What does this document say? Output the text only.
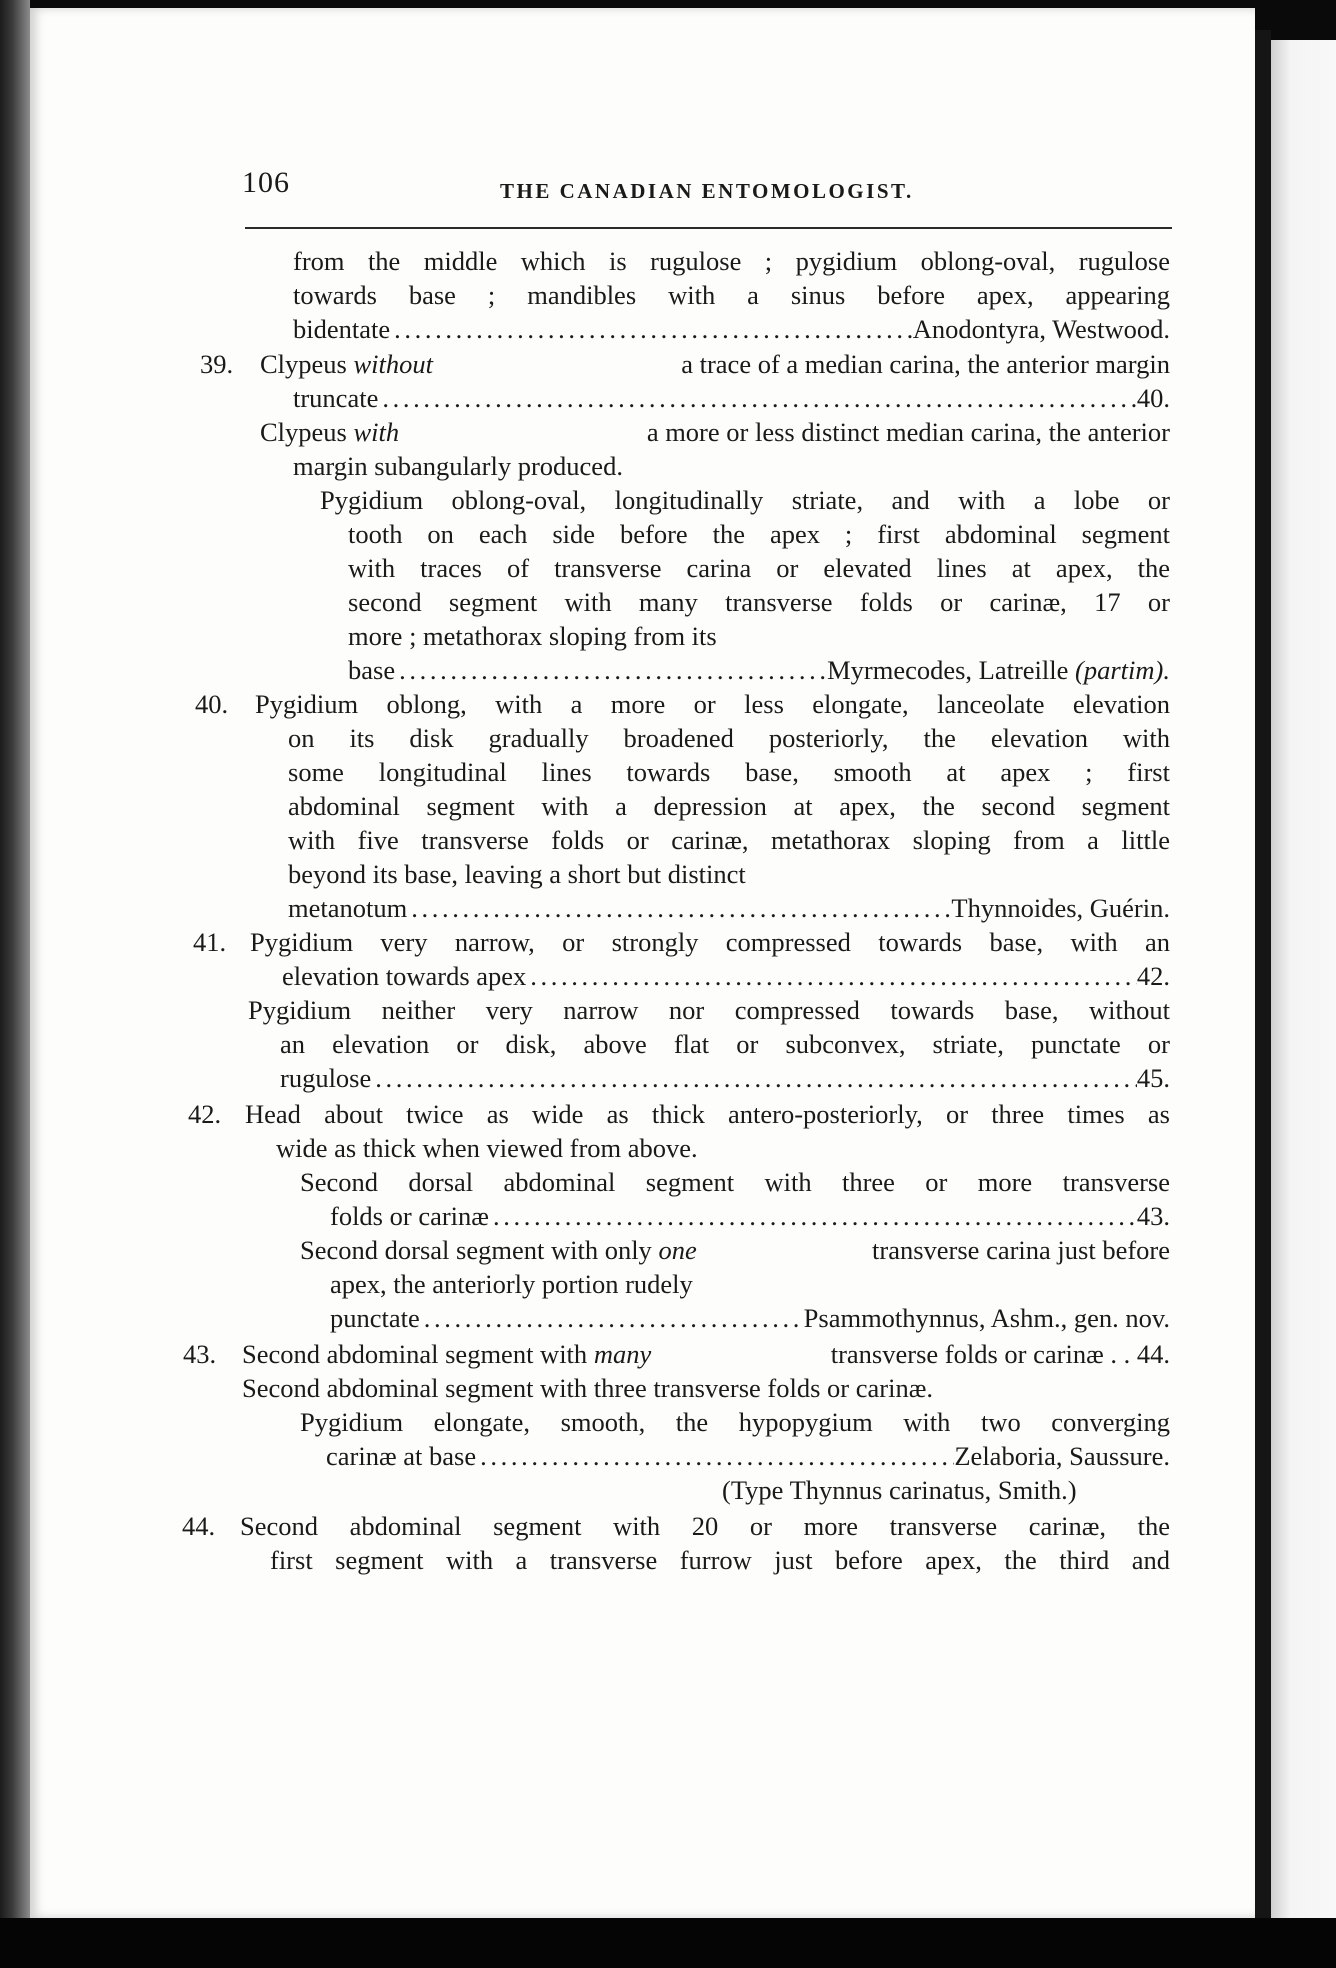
106	THE CANADIAN ENTOMOLOGIST.
from the middle which is rugulose ; pygidium oblong-oval, rugulose
towards base ; mandibles with a sinus before apex, appearing
bidentate . . .	Anodontyra, Westwood.
39. Clypeus without	a trace of a median carina, the anterior margin
truncate . . .	40.
Clypeus with	a more or less distinct median carina, the anterior
margin subangularly produced.
Pygidium oblong-oval, longitudinally striate, and with a lobe or
tooth on each side before the apex ; first abdominal segment
with traces of transverse carina or elevated lines at apex, the
second segment with many transverse folds or carinæ, 17 or
more ; metathorax sloping from its
base . . .	Myrmecodes, Latreille (partim).
40. Pygidium oblong, with a more or less elongate, lanceolate elevation
on its disk gradually broadened posteriorly, the elevation with
some longitudinal lines towards base, smooth at apex ; first
abdominal segment with a depression at apex, the second segment
with five transverse folds or carinæ, metathorax sloping from a little
beyond its base, leaving a short but distinct
metanotum . . .	Thynnoides, Guérin.
41. Pygidium very narrow, or strongly compressed towards base, with an
elevation towards apex . . .	42.
Pygidium neither very narrow nor compressed towards base, without
an elevation or disk, above flat or subconvex, striate, punctate or
rugulose . . .	45.
42. Head about twice as wide as thick antero-posteriorly, or three times as
wide as thick when viewed from above.
Second dorsal abdominal segment with three or more transverse
folds or carinæ . . .	43.
Second dorsal segment with only one	transverse carina just before
apex, the anteriorly portion rudely
punctate . . .	Psammothynnus, Ashm., gen. nov.
43. Second abdominal segment with many	transverse folds or carinæ . . 44.
Second abdominal segment with three transverse folds or carinæ.
Pygidium elongate, smooth, the hypopygium with two converging
carinæ at base . . .	Zelaboria, Saussure.
(Type Thynnus carinatus, Smith.)
44. Second abdominal segment with 20 or more transverse carinæ, the
first segment with a transverse furrow just before apex, the third and
